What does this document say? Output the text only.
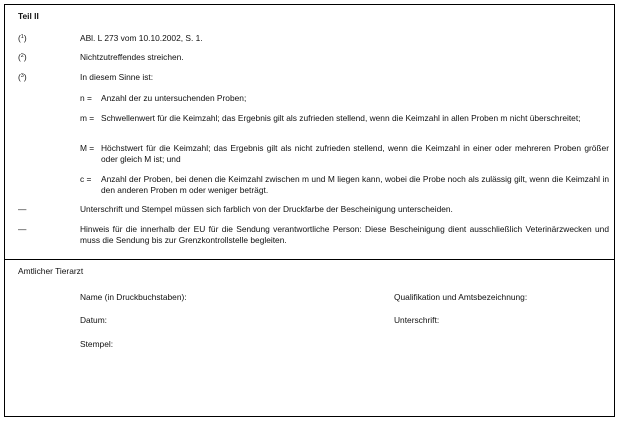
Teil II
($^1$)	ABl. L 273 vom 10.10.2002, S. 1.
($^2$)	Nichtzutreffendes streichen.
($^3$)	In diesem Sinne ist:
n = Anzahl der zu untersuchenden Proben;
m = Schwellenwert für die Keimzahl; das Ergebnis gilt als zufrieden stellend, wenn die Keimzahl in allen Proben m nicht überschreitet;
M = Höchstwert für die Keimzahl; das Ergebnis gilt als nicht zufrieden stellend, wenn die Keimzahl in einer oder mehreren Proben größer oder gleich M ist; und
c = Anzahl der Proben, bei denen die Keimzahl zwischen m und M liegen kann, wobei die Probe noch als zulässig gilt, wenn die Keimzahl in den anderen Proben m oder weniger beträgt.
—	Unterschrift und Stempel müssen sich farblich von der Druckfarbe der Bescheinigung unterscheiden.
—	Hinweis für die innerhalb der EU für die Sendung verantwortliche Person: Diese Bescheinigung dient ausschließlich Veterinärzwecken und muss die Sendung bis zur Grenzkontrollstelle begleiten.
Amtlicher Tierarzt
Name (in Druckbuchstaben):	Qualifikation und Amtsbezeichnung:
Datum:	Unterschrift:
Stempel:
